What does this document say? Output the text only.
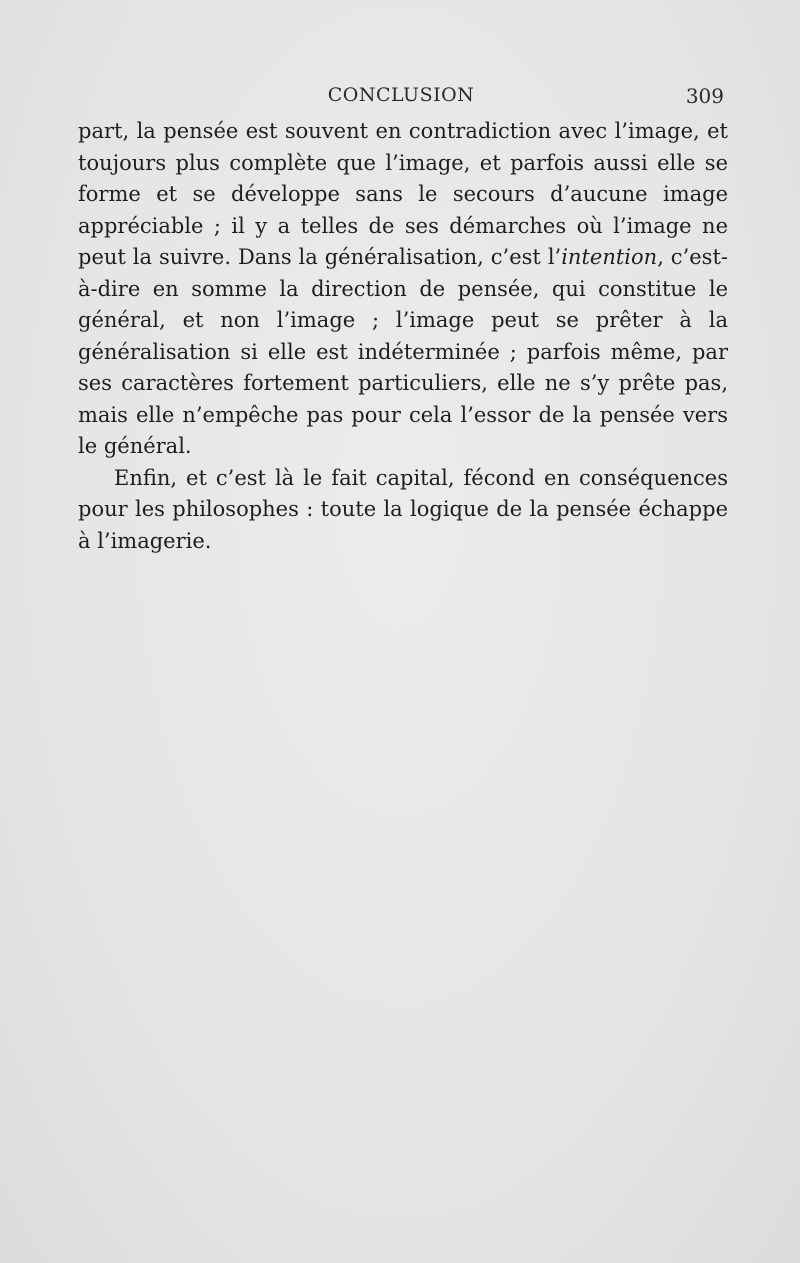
CONCLUSION	309

part, la pensée est souvent en contradiction avec l’image, et toujours plus complète que l’image, et parfois aussi elle se forme et se développe sans le secours d’aucune image appréciable ; il y a telles de ses démarches où l’image ne peut la suivre. Dans la généralisation, c’est l’intention, c’est-à-dire en somme la direction de pensée, qui constitue le général, et non l’image ; l’image peut se prêter à la généralisation si elle est indéterminée ; parfois même, par ses caractères fortement particuliers, elle ne s’y prête pas, mais elle n’empêche pas pour cela l’essor de la pensée vers le général.

Enfin, et c’est là le fait capital, fécond en conséquences pour les philosophes : toute la logique de la pensée échappe à l’imagerie.
